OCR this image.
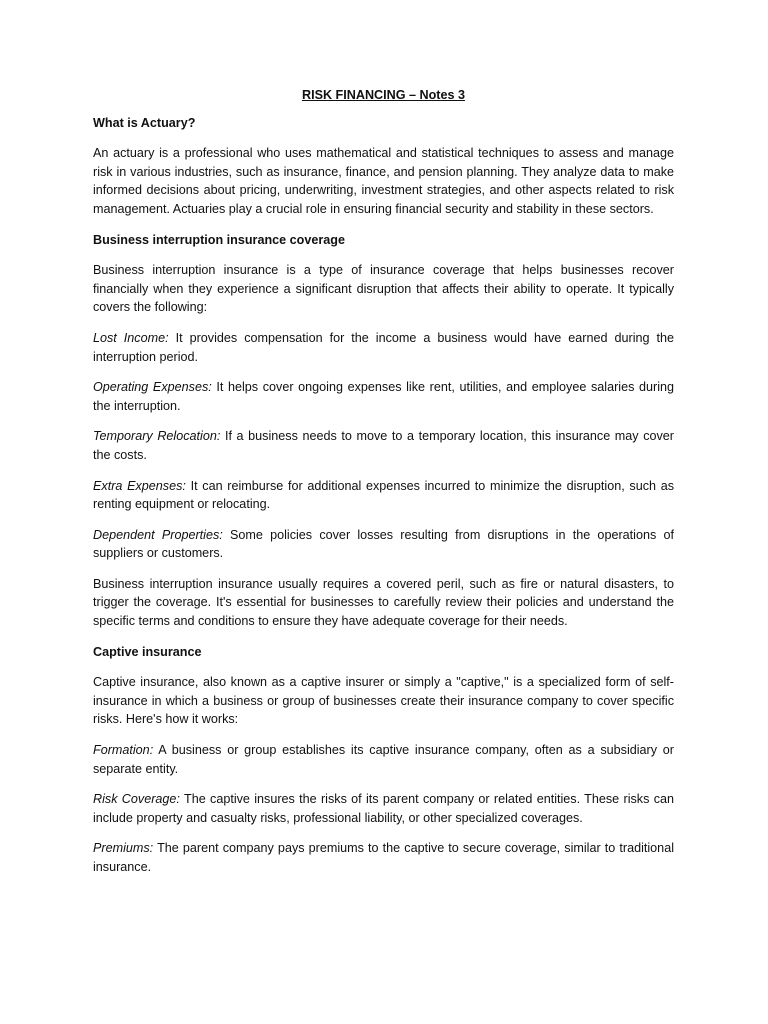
RISK FINANCING – Notes 3
What is Actuary?

An actuary is a professional who uses mathematical and statistical techniques to assess and manage risk in various industries, such as insurance, finance, and pension planning. They analyze data to make informed decisions about pricing, underwriting, investment strategies, and other aspects related to risk management. Actuaries play a crucial role in ensuring financial security and stability in these sectors.

Business interruption insurance coverage

Business interruption insurance is a type of insurance coverage that helps businesses recover financially when they experience a significant disruption that affects their ability to operate. It typically covers the following:

Lost Income: It provides compensation for the income a business would have earned during the interruption period.

Operating Expenses: It helps cover ongoing expenses like rent, utilities, and employee salaries during the interruption.

Temporary Relocation: If a business needs to move to a temporary location, this insurance may cover the costs.

Extra Expenses: It can reimburse for additional expenses incurred to minimize the disruption, such as renting equipment or relocating.

Dependent Properties: Some policies cover losses resulting from disruptions in the operations of suppliers or customers.

Business interruption insurance usually requires a covered peril, such as fire or natural disasters, to trigger the coverage. It's essential for businesses to carefully review their policies and understand the specific terms and conditions to ensure they have adequate coverage for their needs.

Captive insurance

Captive insurance, also known as a captive insurer or simply a "captive," is a specialized form of self-insurance in which a business or group of businesses create their insurance company to cover specific risks. Here's how it works:

Formation: A business or group establishes its captive insurance company, often as a subsidiary or separate entity.

Risk Coverage: The captive insures the risks of its parent company or related entities. These risks can include property and casualty risks, professional liability, or other specialized coverages.

Premiums: The parent company pays premiums to the captive to secure coverage, similar to traditional insurance.
